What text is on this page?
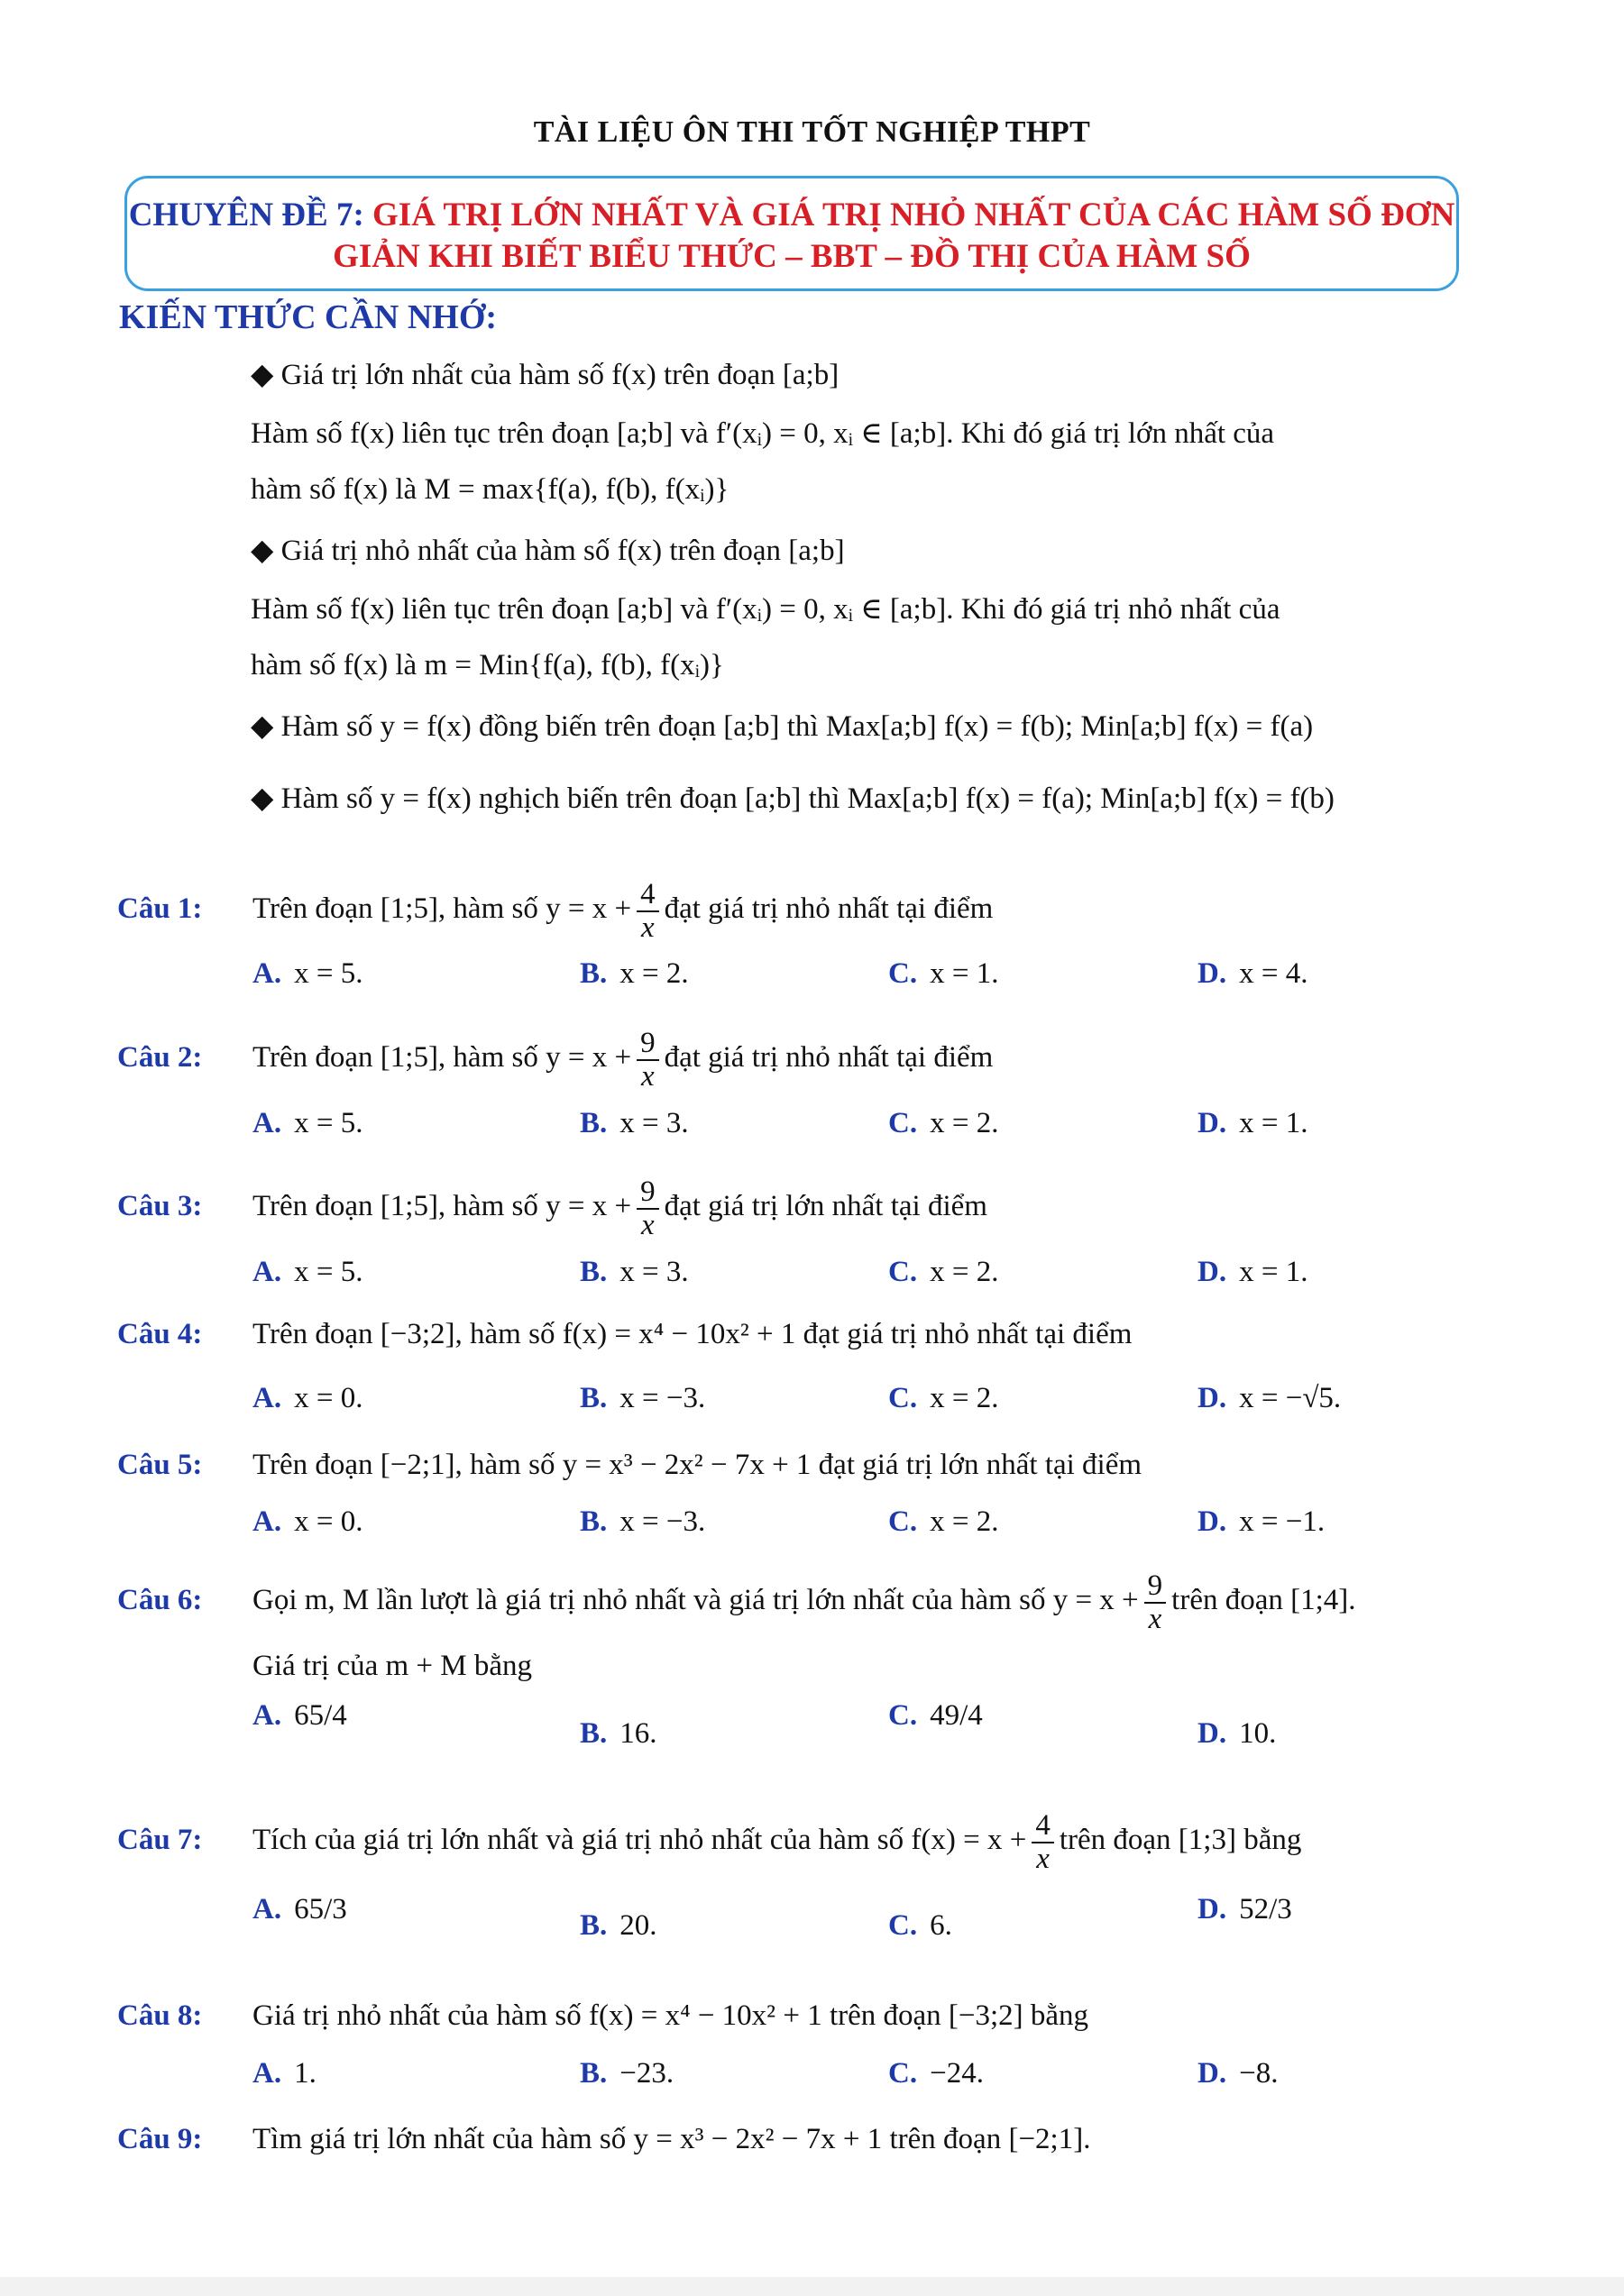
TÀI LIỆU ÔN THI TỐT NGHIỆP THPT
CHUYÊN ĐỀ 7: GIÁ TRỊ LỚN NHẤT VÀ GIÁ TRỊ NHỎ NHẤT CỦA CÁC HÀM SỐ ĐƠN
GIẢN KHI BIẾT BIỂU THỨC – BBT – ĐỒ THỊ CỦA HÀM SỐ
KIẾN THỨC CẦN NHỚ:
◆ Giá trị lớn nhất của hàm số f(x) trên đoạn [a;b]
Hàm số f(x) liên tục trên đoạn [a;b] và f′(xᵢ) = 0, xᵢ ∈ [a;b]. Khi đó giá trị lớn nhất của
hàm số f(x) là M = max{f(a), f(b), f(xᵢ)}
◆ Giá trị nhỏ nhất của hàm số f(x) trên đoạn [a;b]
Hàm số f(x) liên tục trên đoạn [a;b] và f′(xᵢ) = 0, xᵢ ∈ [a;b]. Khi đó giá trị nhỏ nhất của
hàm số f(x) là m = Min{f(a), f(b), f(xᵢ)}
◆ Hàm số y = f(x) đồng biến trên đoạn [a;b] thì Max[a;b] f(x) = f(b); Min[a;b] f(x) = f(a)
◆ Hàm số y = f(x) nghịch biến trên đoạn [a;b] thì Max[a;b] f(x) = f(a); Min[a;b] f(x) = f(b)
Câu 1: Trên đoạn [1;5], hàm số $y = x + \frac{4}{x}$ đạt giá trị nhỏ nhất tại điểm
A. x = 5.	B. x = 2.	C. x = 1.	D. x = 4.
Câu 2: Trên đoạn [1;5], hàm số $y = x + \frac{9}{x}$ đạt giá trị nhỏ nhất tại điểm
A. x = 5.	B. x = 3.	C. x = 2.	D. x = 1.
Câu 3: Trên đoạn [1;5], hàm số $y = x + \frac{9}{x}$ đạt giá trị lớn nhất tại điểm
A. x = 5.	B. x = 3.	C. x = 2.	D. x = 1.
Câu 4: Trên đoạn [−3;2], hàm số f(x) = x⁴ − 10x² + 1 đạt giá trị nhỏ nhất tại điểm
A. x = 0.	B. x = −3.	C. x = 2.	D. x = −√5.
Câu 5: Trên đoạn [−2;1], hàm số y = x³ − 2x² − 7x + 1 đạt giá trị lớn nhất tại điểm
A. x = 0.	B. x = −3.	C. x = 2.	D. x = −1.
Câu 6: Gọi m, M lần lượt là giá trị nhỏ nhất và giá trị lớn nhất của hàm số $y = x + \frac{9}{x}$ trên đoạn [1;4].
Giá trị của m + M bằng
A. 65/4
B. 16.
C. 49/4
D. 10.
Câu 7: Tích của giá trị lớn nhất và giá trị nhỏ nhất của hàm số $f(x) = x + \frac{4}{x}$ trên đoạn [1;3] bằng
A. 65/3	B. 20.	C. 6.	D. 52/3
Câu 8: Giá trị nhỏ nhất của hàm số f(x) = x⁴ − 10x² + 1 trên đoạn [−3;2] bằng
A. 1.	B. −23.	C. −24.	D. −8.
Câu 9: Tìm giá trị lớn nhất của hàm số y = x³ − 2x² − 7x + 1 trên đoạn [−2;1].
